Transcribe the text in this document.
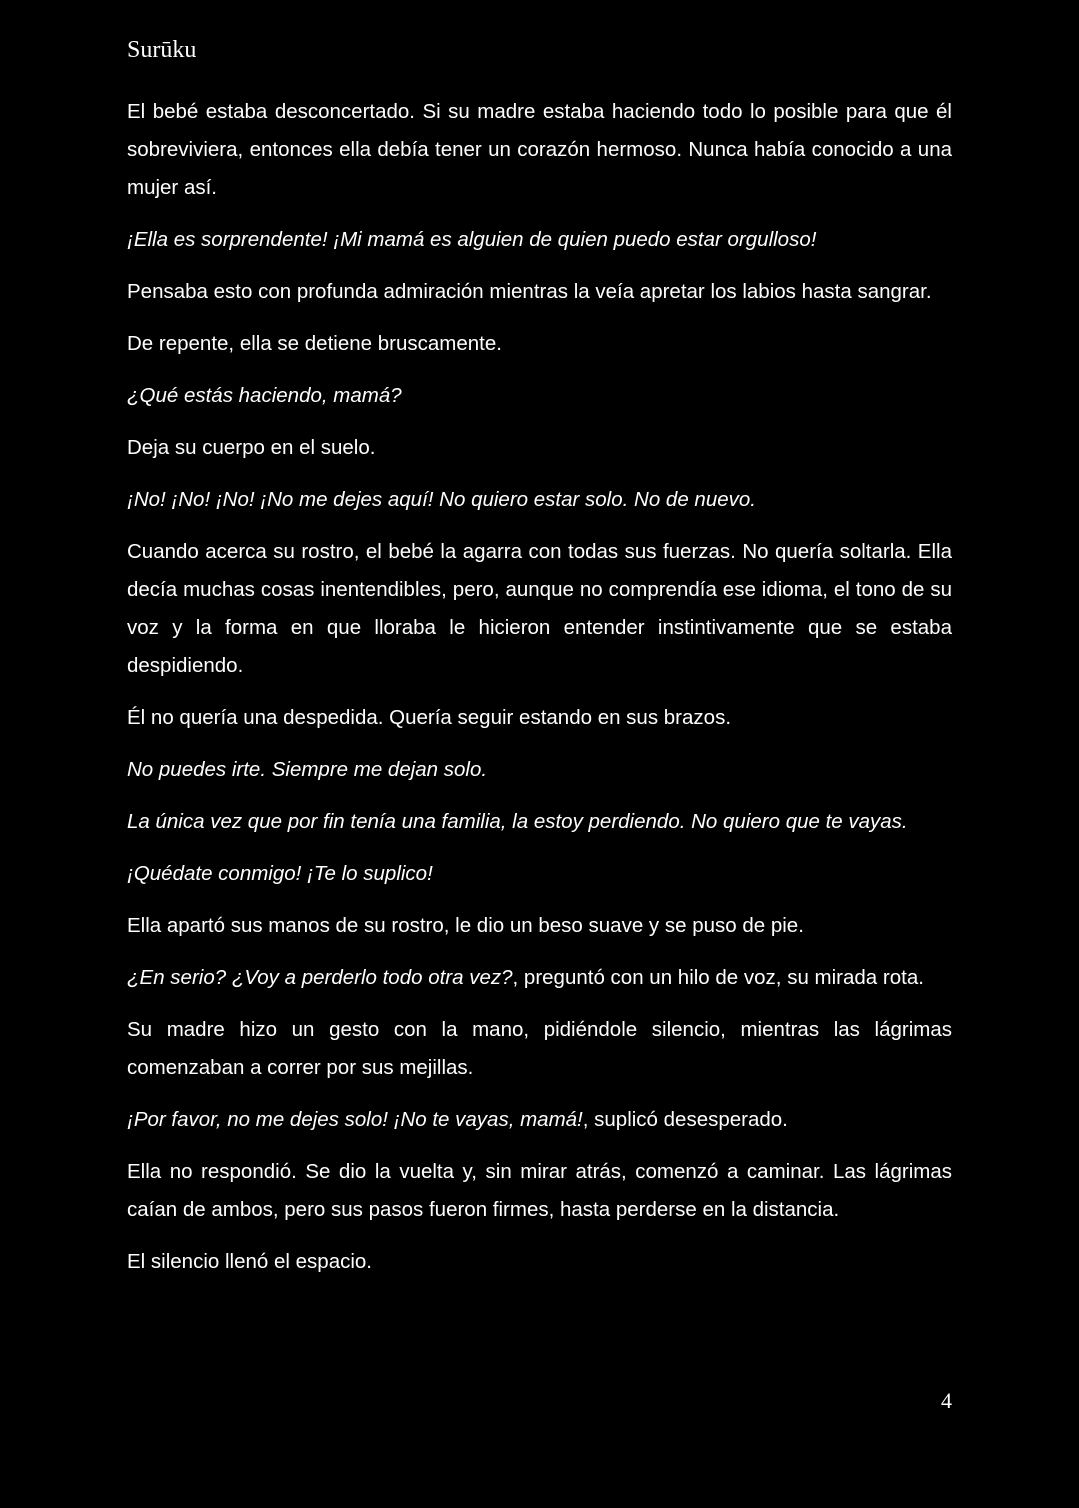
Surūku

El bebé estaba desconcertado. Si su madre estaba haciendo todo lo posible para que él sobreviviera, entonces ella debía tener un corazón hermoso. Nunca había conocido a una mujer así.

¡Ella es sorprendente! ¡Mi mamá es alguien de quien puedo estar orgulloso!

Pensaba esto con profunda admiración mientras la veía apretar los labios hasta sangrar.

De repente, ella se detiene bruscamente.

¿Qué estás haciendo, mamá?

Deja su cuerpo en el suelo.

¡No! ¡No! ¡No! ¡No me dejes aquí! No quiero estar solo. No de nuevo.

Cuando acerca su rostro, el bebé la agarra con todas sus fuerzas. No quería soltarla. Ella decía muchas cosas inentendibles, pero, aunque no comprendía ese idioma, el tono de su voz y la forma en que lloraba le hicieron entender instintivamente que se estaba despidiendo.

Él no quería una despedida. Quería seguir estando en sus brazos.

No puedes irte. Siempre me dejan solo.

La única vez que por fin tenía una familia, la estoy perdiendo. No quiero que te vayas.

¡Quédate conmigo! ¡Te lo suplico!

Ella apartó sus manos de su rostro, le dio un beso suave y se puso de pie.

¿En serio? ¿Voy a perderlo todo otra vez?, preguntó con un hilo de voz, su mirada rota.

Su madre hizo un gesto con la mano, pidiéndole silencio, mientras las lágrimas comenzaban a correr por sus mejillas.

¡Por favor, no me dejes solo! ¡No te vayas, mamá!, suplicó desesperado.

Ella no respondió. Se dio la vuelta y, sin mirar atrás, comenzó a caminar. Las lágrimas caían de ambos, pero sus pasos fueron firmes, hasta perderse en la distancia.

El silencio llenó el espacio.

4
